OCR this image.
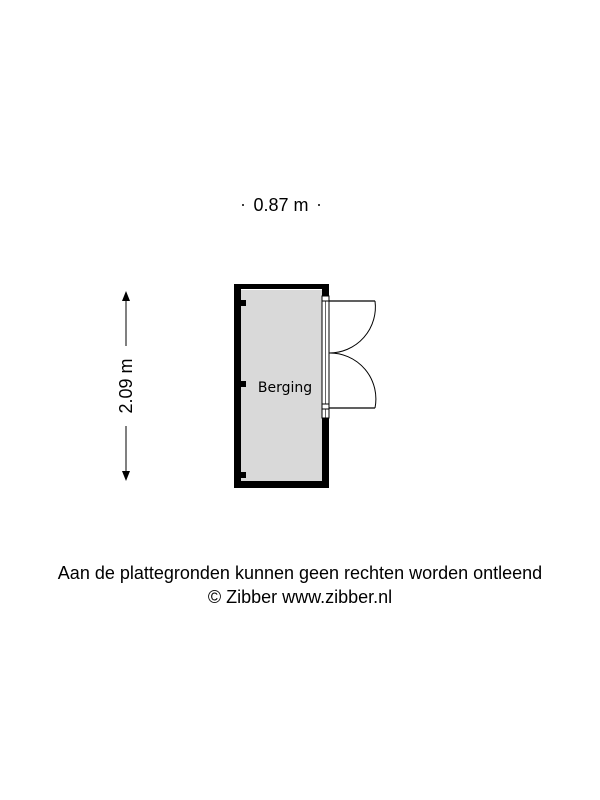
0.87 m
2.09 m	Berging
Aan de plattegronden kunnen geen rechten worden ontleend
© Zibber www.zibber.nl
